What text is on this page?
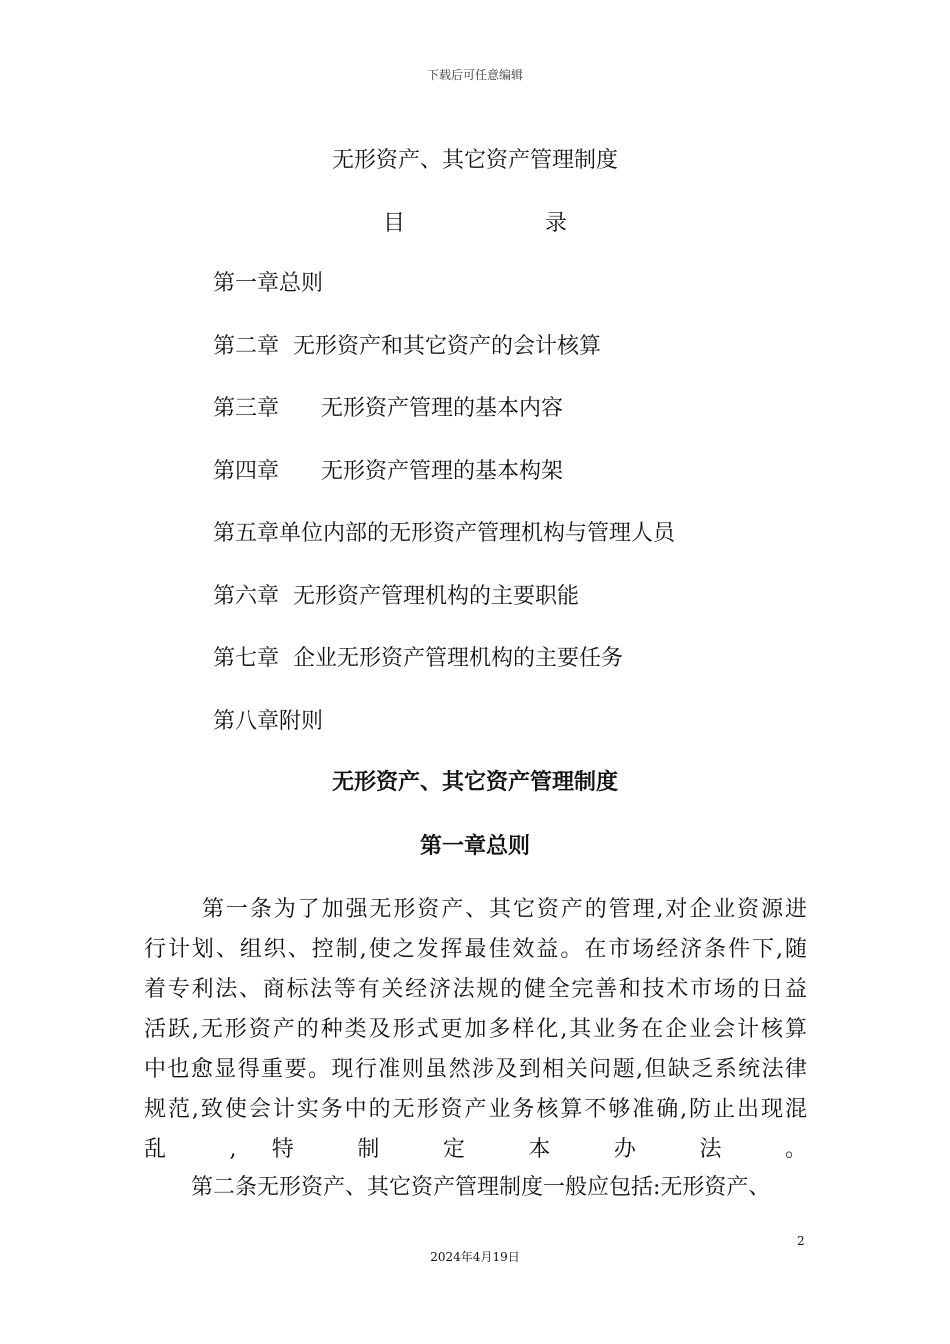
下载后可任意编辑
无形资产、其它资产管理制度
目	录
第一章总则
第二章  无形资产和其它资产的会计核算
第三章      无形资产管理的基本内容
第四章      无形资产管理的基本构架
第五章单位内部的无形资产管理机构与管理人员
第六章  无形资产管理机构的主要职能
第七章  企业无形资产管理机构的主要任务
第八章附则
无形资产、其它资产管理制度
第一章总则
第一条为了加强无形资产、其它资产的管理,对企业资源进
行计划、组织、控制,使之发挥最佳效益。在市场经济条件下,随
着专利法、商标法等有关经济法规的健全完善和技术市场的日益
活跃,无形资产的种类及形式更加多样化,其业务在企业会计核算
中也愈显得重要。现行准则虽然涉及到相关问题,但缺乏系统法律
规范,致使会计实务中的无形资产业务核算不够准确,防止出现混
乱 , 特 制 定 本 办 法 。
第二条无形资产、其它资产管理制度一般应包括:无形资产、
2
2024年4月19日
